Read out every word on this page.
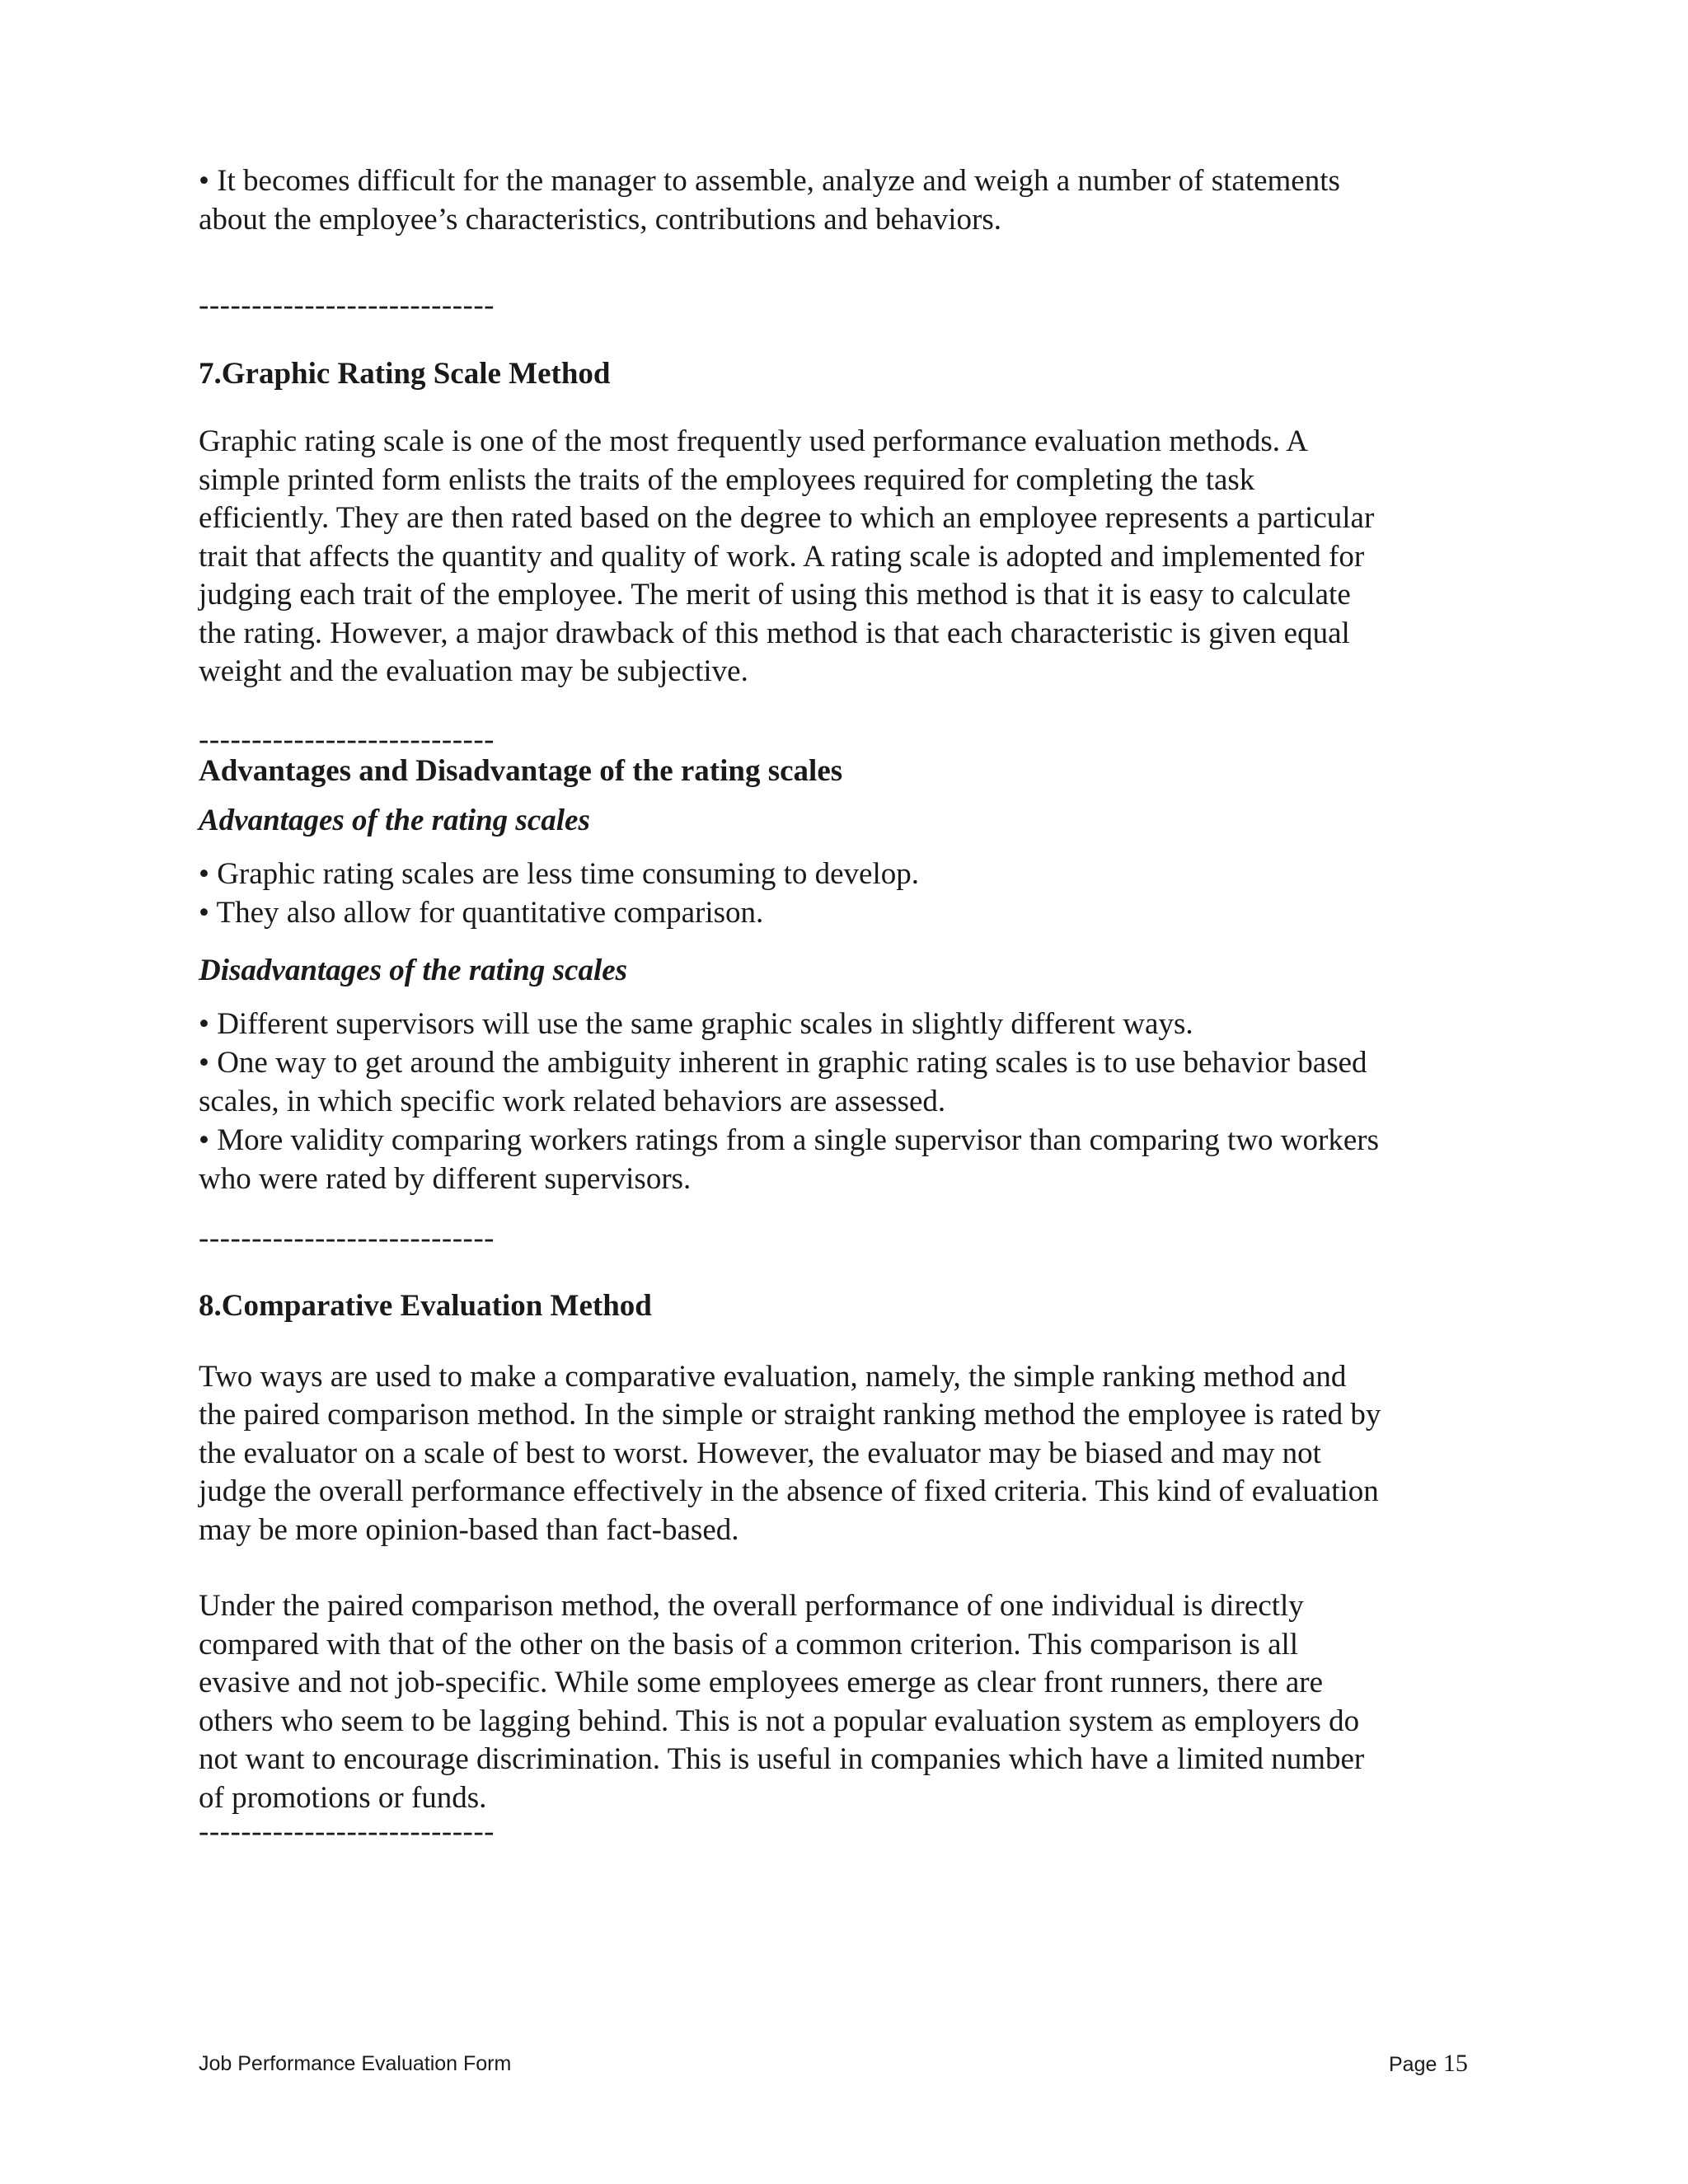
• It becomes difficult for the manager to assemble, analyze and weigh a number of statements

about the employee’s characteristics, contributions and behaviors.

----------------------------

7.Graphic Rating Scale Method

Graphic rating scale is one of the most frequently used performance evaluation methods. A

simple printed form enlists the traits of the employees required for completing the task

efficiently. They are then rated based on the degree to which an employee represents a particular

trait that affects the quantity and quality of work. A rating scale is adopted and implemented for

judging each trait of the employee. The merit of using this method is that it is easy to calculate

the rating. However, a major drawback of this method is that each characteristic is given equal

weight and the evaluation may be subjective.

----------------------------

Advantages and Disadvantage of the rating scales
Advantages of the rating scales

• Graphic rating scales are less time consuming to develop.

• They also allow for quantitative comparison.

Disadvantages of the rating scales

• Different supervisors will use the same graphic scales in slightly different ways.

• One way to get around the ambiguity inherent in graphic rating scales is to use behavior based

scales, in which specific work related behaviors are assessed.

• More validity comparing workers ratings from a single supervisor than comparing two workers

who were rated by different supervisors.

----------------------------

8.Comparative Evaluation Method

Two ways are used to make a comparative evaluation, namely, the simple ranking method and

the paired comparison method. In the simple or straight ranking method the employee is rated by

the evaluator on a scale of best to worst. However, the evaluator may be biased and may not

judge the overall performance effectively in the absence of fixed criteria. This kind of evaluation

may be more opinion-based than fact-based.

Under the paired comparison method, the overall performance of one individual is directly

compared with that of the other on the basis of a common criterion. This comparison is all

evasive and not job-specific. While some employees emerge as clear front runners, there are

others who seem to be lagging behind. This is not a popular evaluation system as employers do

not want to encourage discrimination. This is useful in companies which have a limited number

of promotions or funds.

----------------------------

Job Performance Evaluation Form	Page 15
